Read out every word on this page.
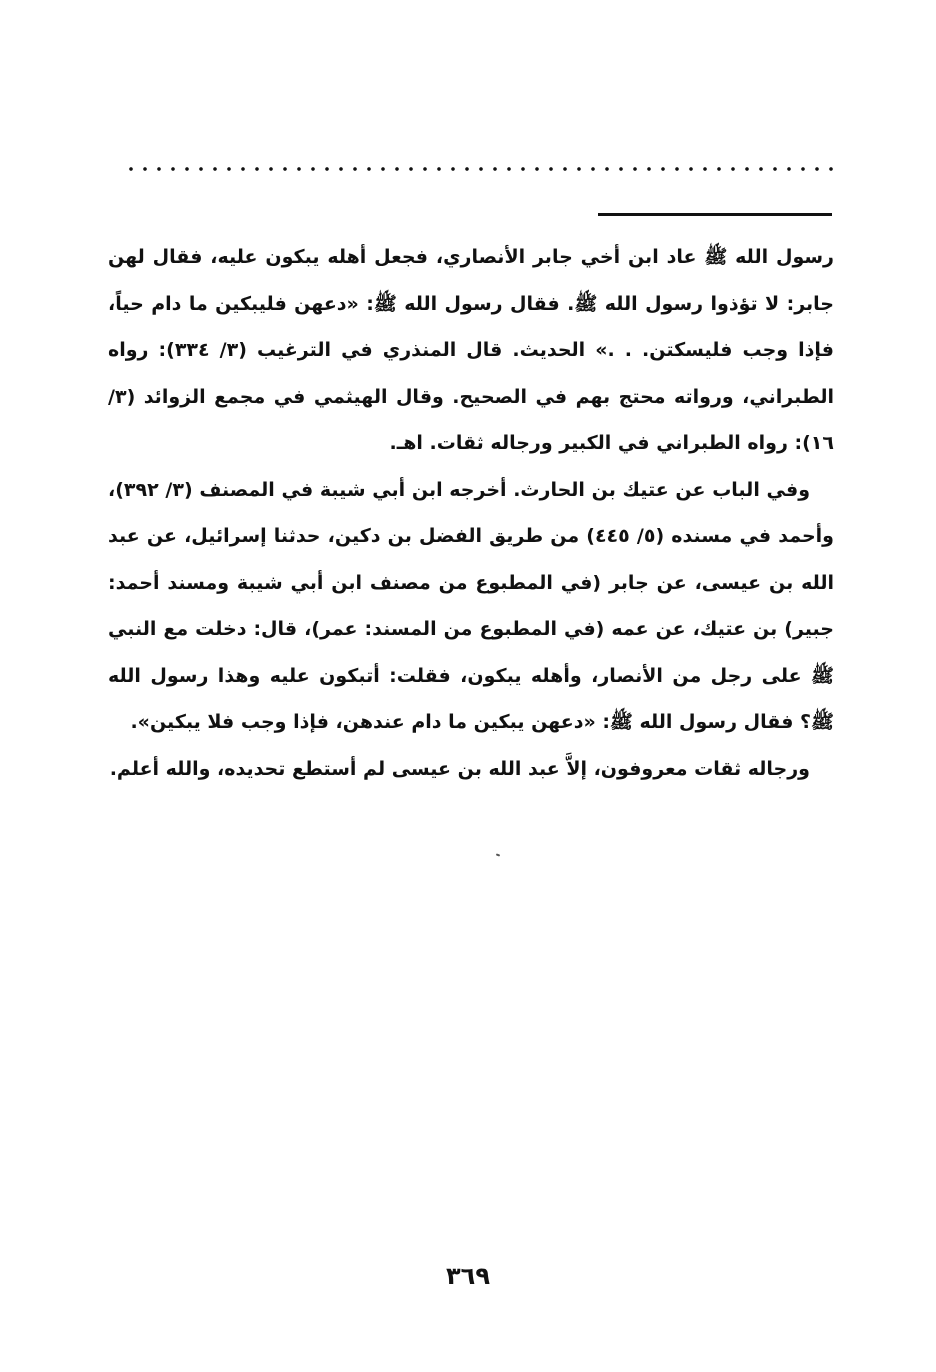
رسول الله ﷺ عاد ابن أخي جابر الأنصاري، فجعل أهله يبكون عليه، فقال لهن جابر: لا تؤذوا رسول الله ﷺ. فقال رسول الله ﷺ: «دعهن فليبكين ما دام حياً، فإذا وجب فليسكتن. . .» الحديث. قال المنذري في الترغيب (٣/ ٣٣٤): رواه الطبراني، ورواته محتج بهم في الصحيح. وقال الهيثمي في مجمع الزوائد (٣/ ١٦): رواه الطبراني في الكبير ورجاله ثقات. اهـ.

وفي الباب عن عتيك بن الحارث. أخرجه ابن أبي شيبة في المصنف (٣/ ٣٩٢)، وأحمد في مسنده (٥/ ٤٤٥) من طريق الفضل بن دكين، حدثنا إسرائيل، عن عبد الله بن عيسى، عن جابر (في المطبوع من مصنف ابن أبي شيبة ومسند أحمد: جبير) بن عتيك، عن عمه (في المطبوع من المسند: عمر)، قال: دخلت مع النبي ﷺ على رجل من الأنصار، وأهله يبكون، فقلت: أتبكون عليه وهذا رسول الله ﷺ؟ فقال رسول الله ﷺ: «دعهن يبكين ما دام عندهن، فإذا وجب فلا يبكين».

ورجاله ثقات معروفون، إلاَّ عبد الله بن عيسى لم أستطع تحديده، والله أعلم.

٣٦٩
